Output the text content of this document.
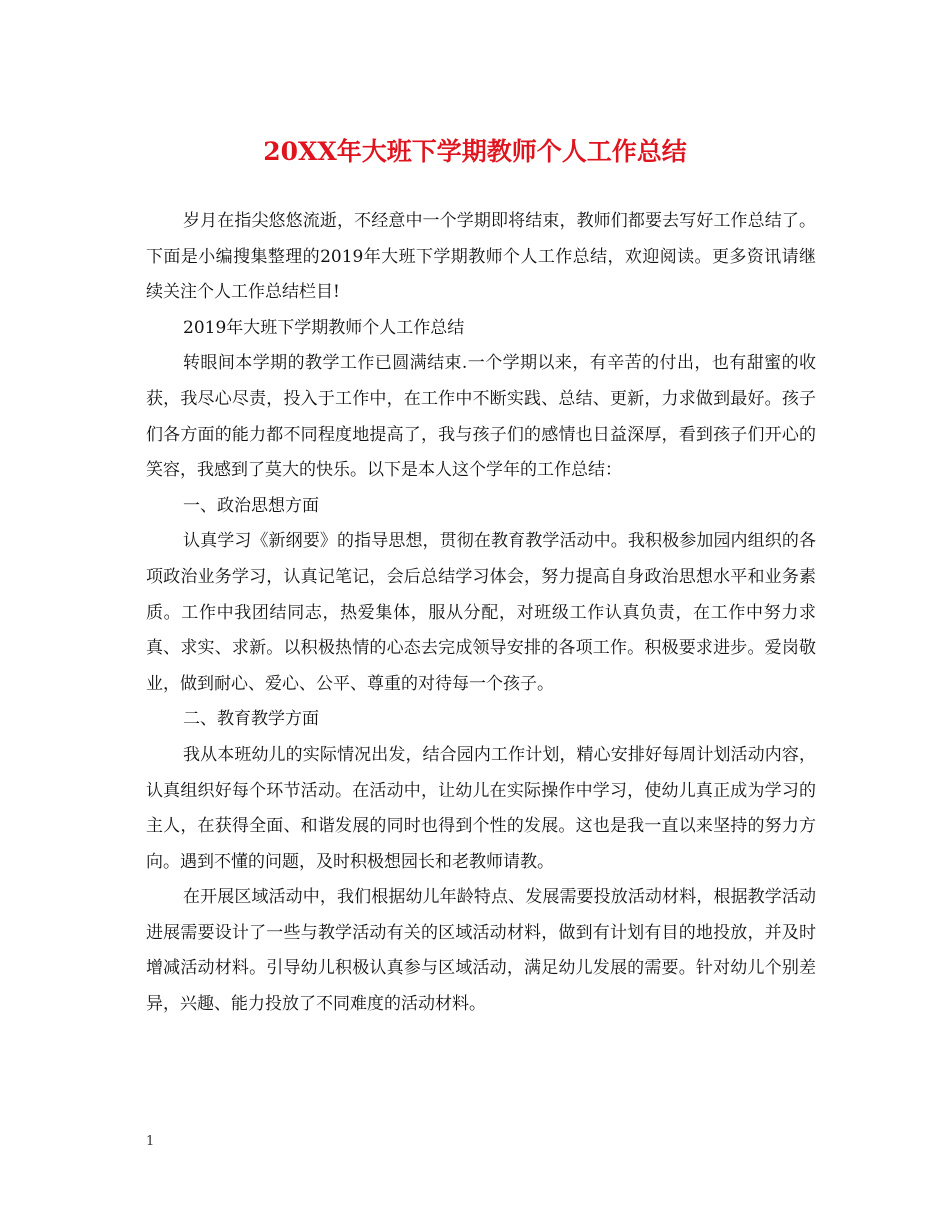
20XX年大班下学期教师个人工作总结

岁月在指尖悠悠流逝，不经意中一个学期即将结束，教师们都要去写好工作总结了。下面是小编搜集整理的2019年大班下学期教师个人工作总结，欢迎阅读。更多资讯请继续关注个人工作总结栏目!

2019年大班下学期教师个人工作总结

转眼间本学期的教学工作已圆满结束.一个学期以来，有辛苦的付出，也有甜蜜的收获，我尽心尽责，投入于工作中，在工作中不断实践、总结、更新，力求做到最好。孩子们各方面的能力都不同程度地提高了，我与孩子们的感情也日益深厚，看到孩子们开心的笑容，我感到了莫大的快乐。以下是本人这个学年的工作总结：

一、政治思想方面

认真学习《新纲要》的指导思想，贯彻在教育教学活动中。我积极参加园内组织的各项政治业务学习，认真记笔记，会后总结学习体会，努力提高自身政治思想水平和业务素质。工作中我团结同志，热爱集体，服从分配，对班级工作认真负责，在工作中努力求真、求实、求新。以积极热情的心态去完成领导安排的各项工作。积极要求进步。爱岗敬业，做到耐心、爱心、公平、尊重的对待每一个孩子。

二、教育教学方面

我从本班幼儿的实际情况出发，结合园内工作计划，精心安排好每周计划活动内容，认真组织好每个环节活动。在活动中，让幼儿在实际操作中学习，使幼儿真正成为学习的主人，在获得全面、和谐发展的同时也得到个性的发展。这也是我一直以来坚持的努力方向。遇到不懂的问题，及时积极想园长和老教师请教。

在开展区域活动中，我们根据幼儿年龄特点、发展需要投放活动材料，根据教学活动进展需要设计了一些与教学活动有关的区域活动材料，做到有计划有目的地投放，并及时增减活动材料。引导幼儿积极认真参与区域活动，满足幼儿发展的需要。针对幼儿个别差异，兴趣、能力投放了不同难度的活动材料。

1
